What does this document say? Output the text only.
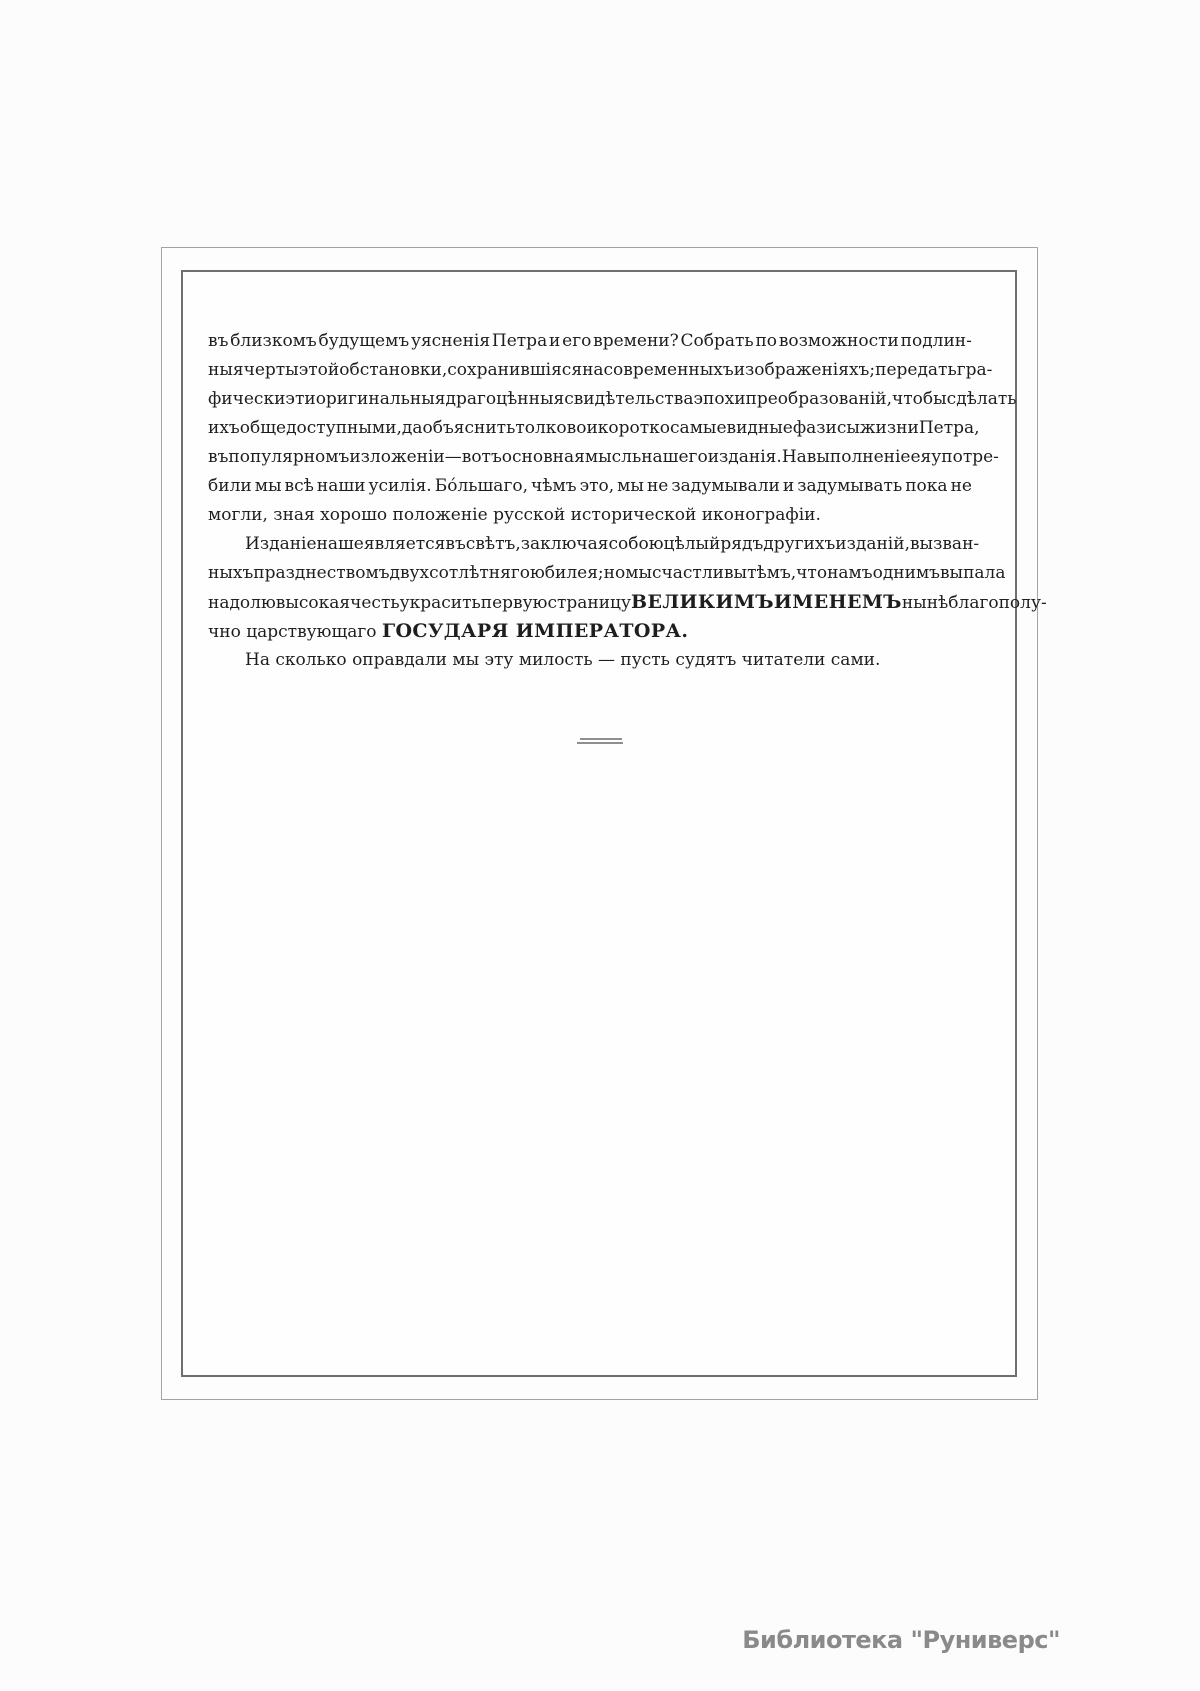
въ близкомъ будущемъ уясненія Петра и его времени? Собрать по возможности подлин-
ныя черты этой обстановки, сохранившіяся на современныхъ изображеніяхъ; передать гра-
фически эти оригинальныя драгоцѣнныя свидѣтельства эпохи преобразованій, чтобы сдѣлать
ихъ общедоступными, да объяснить толково и коротко самые видные фазисы жизни Петра,
въ популярномъ изложеніи — вотъ основная мысль нашего изданія. На выполненіе ея употре-
били мы всѣ наши усилія. Бо́льшаго, чѣмъ это, мы не задумывали и задумывать пока не
могли, зная хорошо положеніе русской исторической иконографіи.
Изданіе наше является въ свѣтъ, заключая собою цѣлый рядъ другихъ изданій, вызван-
ныхъ празднествомъ двухсотлѣтняго юбилея; но мы счастливы тѣмъ, что намъ однимъ выпала
на долю высокая честь украсить первую страницу ВЕЛИКИМЪ ИМЕНЕМЪ нынѣ благополу-
чно царствующаго ГОСУДАРЯ ИМПЕРАТОРА.
На сколько оправдали мы эту милость — пусть судятъ читатели сами.
Библиотека "Руниверс"
